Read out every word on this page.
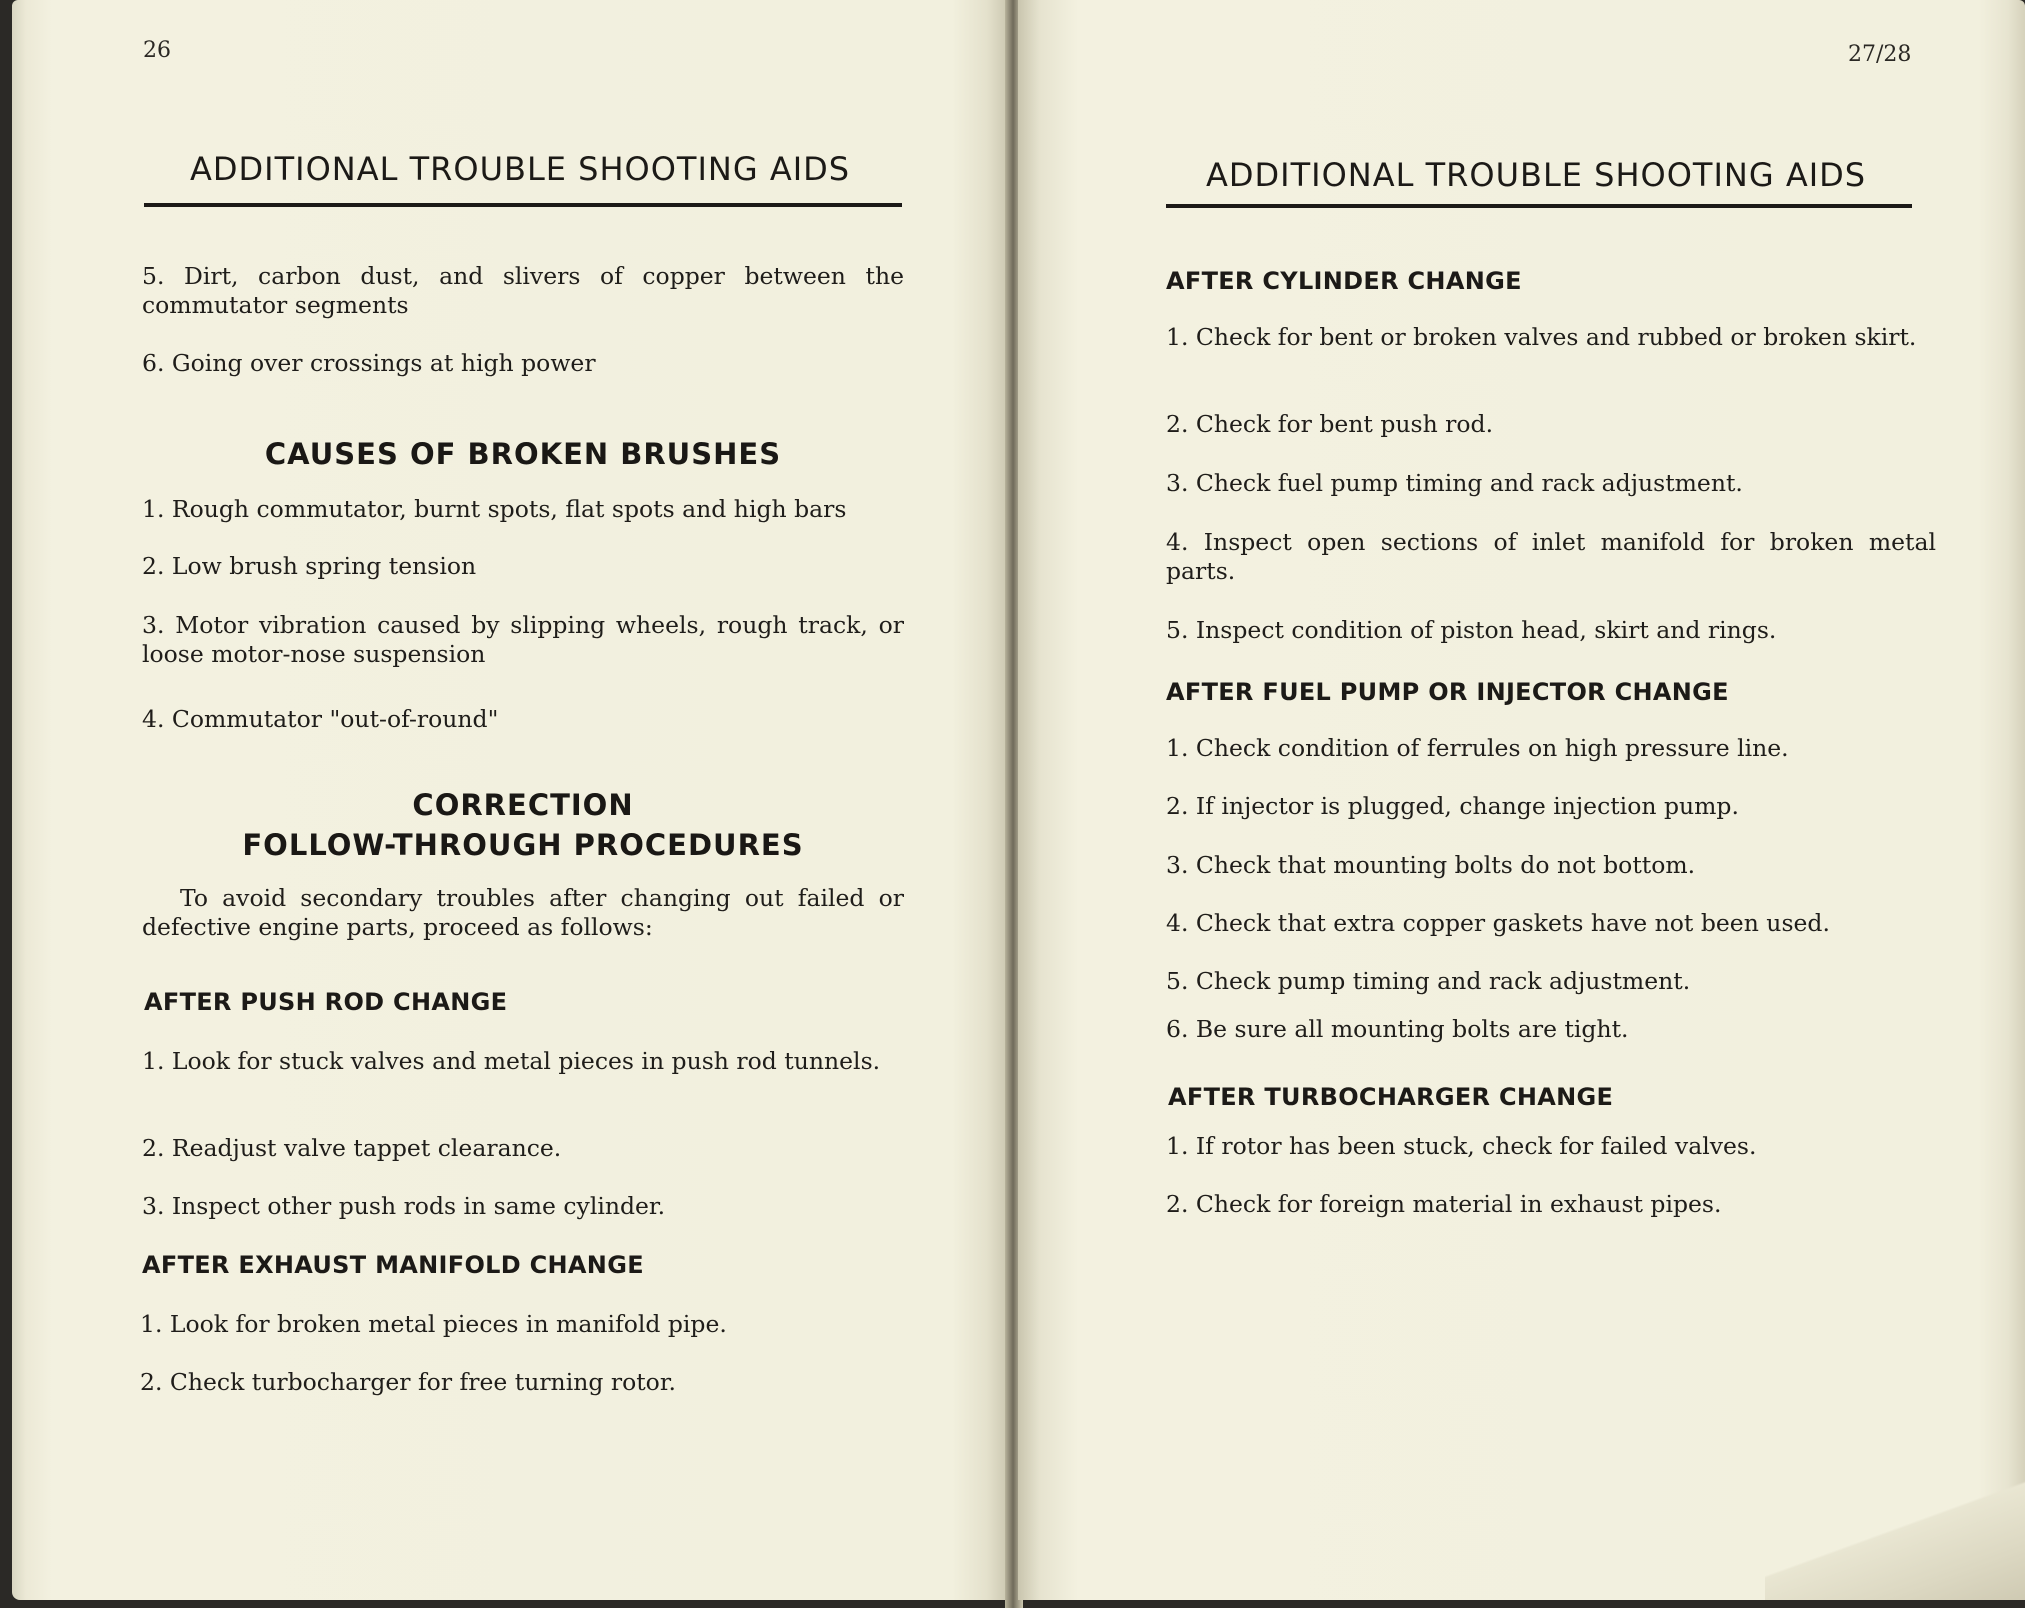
26
ADDITIONAL TROUBLE SHOOTING AIDS
5. Dirt, carbon dust, and slivers of copper between the commutator segments
6. Going over crossings at high power
CAUSES OF BROKEN BRUSHES
1. Rough commutator, burnt spots, flat spots and high bars
2. Low brush spring tension
3. Motor vibration caused by slipping wheels, rough track, or loose motor-nose suspension
4. Commutator "out-of-round"
CORRECTION
FOLLOW-THROUGH PROCEDURES
To avoid secondary troubles after changing out failed or defective engine parts, proceed as follows:
AFTER PUSH ROD CHANGE
1. Look for stuck valves and metal pieces in push rod tunnels.
2. Readjust valve tappet clearance.
3. Inspect other push rods in same cylinder.
AFTER EXHAUST MANIFOLD CHANGE
1. Look for broken metal pieces in manifold pipe.
2. Check turbocharger for free turning rotor.
27/28
ADDITIONAL TROUBLE SHOOTING AIDS
AFTER CYLINDER CHANGE
1. Check for bent or broken valves and rubbed or broken skirt.
2. Check for bent push rod.
3. Check fuel pump timing and rack adjustment.
4. Inspect open sections of inlet manifold for broken metal parts.
5. Inspect condition of piston head, skirt and rings.
AFTER FUEL PUMP OR INJECTOR CHANGE
1. Check condition of ferrules on high pressure line.
2. If injector is plugged, change injection pump.
3. Check that mounting bolts do not bottom.
4. Check that extra copper gaskets have not been used.
5. Check pump timing and rack adjustment.
6. Be sure all mounting bolts are tight.
AFTER TURBOCHARGER CHANGE
1. If rotor has been stuck, check for failed valves.
2. Check for foreign material in exhaust pipes.
